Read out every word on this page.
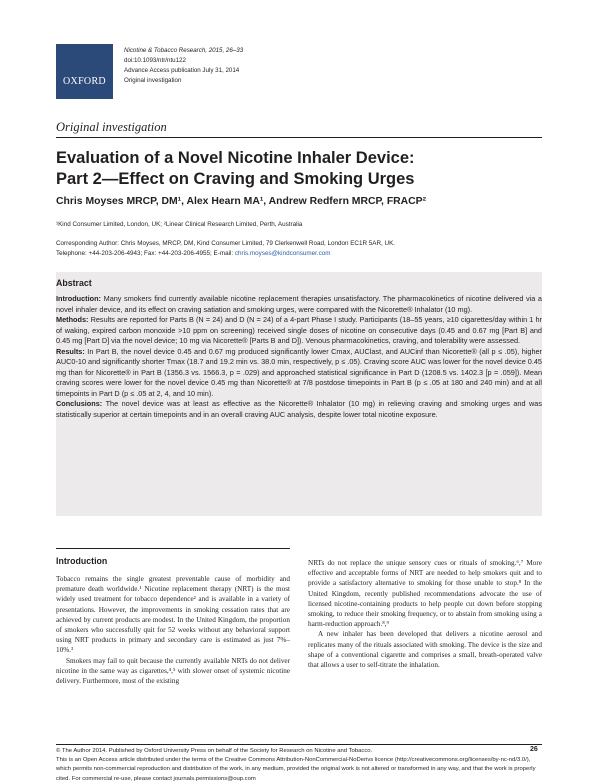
OXFORD
Nicotine & Tobacco Research, 2015, 26–33
doi:10.1093/ntr/ntu122
Advance Access publication July 31, 2014
Original investigation
Original investigation
Evaluation of a Novel Nicotine Inhaler Device:
Part 2—Effect on Craving and Smoking Urges
Chris Moyses MRCP, DM¹, Alex Hearn MA¹, Andrew Redfern MRCP, FRACP²
¹Kind Consumer Limited, London, UK; ²Linear Clinical Research Limited, Perth, Australia
Corresponding Author: Chris Moyses, MRCP, DM, Kind Consumer Limited, 79 Clerkenwell Road, London EC1R 5AR, UK.
Telephone: +44-203-206-4943; Fax: +44-203-206-4955; E-mail: chris.moyses@kindconsumer.com
Abstract

Introduction: Many smokers find currently available nicotine replacement therapies unsatisfactory. The pharmacokinetics of nicotine delivered via a novel inhaler device, and its effect on craving satiation and smoking urges, were compared with the Nicorette® Inhalator (10 mg).

Methods: Results are reported for Parts B (N = 24) and D (N = 24) of a 4-part Phase I study. Participants (18–55 years, ≥10 cigarettes/day within 1 hr of waking, expired carbon monoxide >10 ppm on screening) received single doses of nicotine on consecutive days (0.45 and 0.67 mg [Part B] and 0.45 mg [Part D] via the novel device; 10 mg via Nicorette® [Parts B and D]). Venous pharmacokinetics, craving, and tolerability were assessed.

Results: In Part B, the novel device 0.45 and 0.67 mg produced significantly lower Cmax, AUClast, and AUCinf than Nicorette® (all p ≤ .05), higher AUC0-10 and significantly shorter Tmax (18.7 and 19.2 min vs. 38.0 min, respectively, p ≤ .05). Craving score AUC was lower for the novel device 0.45 mg than for Nicorette® in Part B (1356.3 vs. 1566.3, p = .029) and approached statistical significance in Part D (1208.5 vs. 1402.3 [p = .059]). Mean craving scores were lower for the novel device 0.45 mg than Nicorette® at 7/8 postdose timepoints in Part B (p ≤ .05 at 180 and 240 min) and at all timepoints in Part D (p ≤ .05 at 2, 4, and 10 min).

Conclusions: The novel device was at least as effective as the Nicorette® Inhalator (10 mg) in relieving craving and smoking urges and was statistically superior at certain timepoints and in an overall craving AUC analysis, despite lower total nicotine exposure.

Introduction

Tobacco remains the single greatest preventable cause of morbidity and premature death worldwide.¹ Nicotine replacement therapy (NRT) is the most widely used treatment for tobacco dependence² and is available in a variety of presentations. However, the improvements in smoking cessation rates that are achieved by current products are modest. In the United Kingdom, the proportion of smokers who successfully quit for 52 weeks without any behavioral support using NRT products in primary and secondary care is estimated as just 7%–10%.³

Smokers may fail to quit because the currently available NRTs do not deliver nicotine in the same way as cigarettes,⁴,⁵ with slower onset of systemic nicotine delivery. Furthermore, most of the existing

NRTs do not replace the unique sensory cues or rituals of smoking.⁶,⁷ More effective and acceptable forms of NRT are needed to help smokers quit and to provide a satisfactory alternative to smoking for those unable to stop.⁸ In the United Kingdom, recently published recommendations advocate the use of licensed nicotine-containing products to help people cut down before stopping smoking, to reduce their smoking frequency, or to abstain from smoking using a harm-reduction approach.⁸,⁹

A new inhaler has been developed that delivers a nicotine aerosol and replicates many of the rituals associated with smoking. The device is the size and shape of a conventional cigarette and comprises a small, breath-operated valve that allows a user to self-titrate the inhalation.

© The Author 2014. Published by Oxford University Press on behalf of the Society for Research on Nicotine and Tobacco.
This is an Open Access article distributed under the terms of the Creative Commons Attribution-NonCommercial-NoDerivs licence (http://creativecommons.org/licenses/by-nc-nd/3.0/), which permits non-commercial reproduction and distribution of the work, in any medium, provided the original work is not altered or transformed in any way, and that the work is properly cited. For commercial re-use, please contact journals.permissions@oup.com
26
